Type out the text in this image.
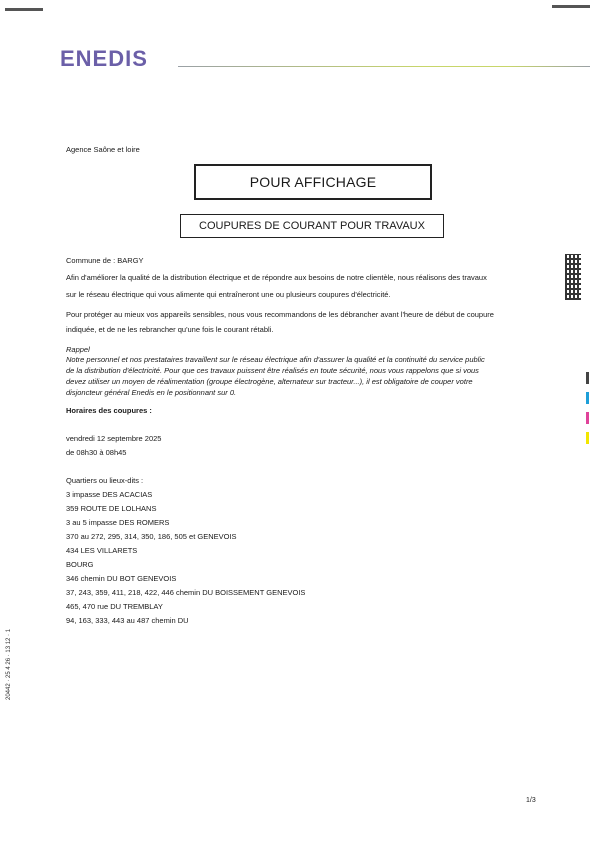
ENEDIS
Agence Saône et loire
POUR AFFICHAGE
COUPURES DE COURANT POUR TRAVAUX
Commune de : BARGY
Afin d'améliorer la qualité de la distribution électrique et de répondre aux besoins de notre clientèle, nous réalisons des travaux
sur le réseau électrique qui vous alimente qui entraîneront une ou plusieurs coupures d'électricité.
Pour protéger au mieux vos appareils sensibles, nous vous recommandons de les débrancher avant l'heure de début de coupure
indiquée, et de ne les rebrancher qu'une fois le courant rétabli.
Rappel
Notre personnel et nos prestataires travaillent sur le réseau électrique afin d'assurer la qualité et la continuité du service public
de la distribution d'électricité. Pour que ces travaux puissent être réalisés en toute sécurité, nous vous rappelons que si vous
devez utiliser un moyen de réalimentation (groupe électrogène, alternateur sur tracteur...), il est obligatoire de couper votre
disjoncteur général Enedis en le positionnant sur 0.
Horaires des coupures :
vendredi 12 septembre 2025
de 08h30 à 08h45
Quartiers ou lieux-dits :
3 impasse DES ACACIAS
359 ROUTE DE LOLHANS
3 au 5 impasse DES ROMERS
370 au 272, 295, 314, 350, 186, 505 et GENEVOIS
434 LES VILLARETS
BOURG
346 chemin DU BOT GENEVOIS
37, 243, 359, 411, 218, 422, 446 chemin DU BOISSEMENT GENEVOIS
465, 470 rue DU TREMBLAY
94, 163, 333, 443 au 487 chemin DU
20442 · 25 4 26 · 13 12 · 1
1/3
